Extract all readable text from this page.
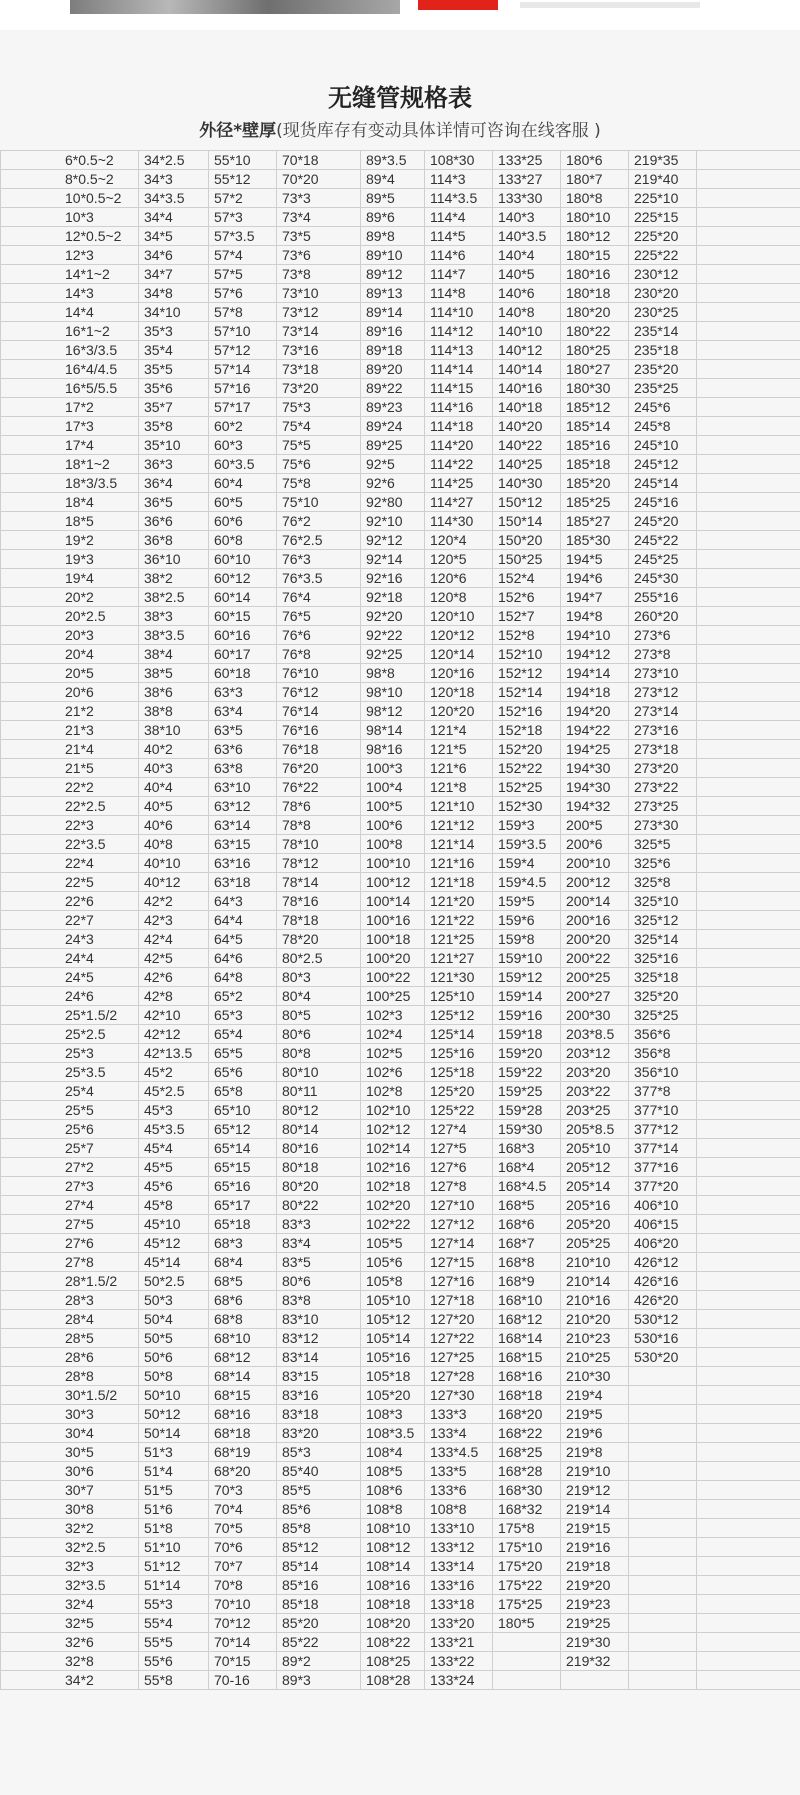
无缝管规格表
外径*壁厚(现货库存有变动具体详情可咨询在线客服 )
6*0.5~2	34*2.5	55*10	70*18	89*3.5	108*30	133*25	180*6	219*35	
8*0.5~2	34*3	55*12	70*20	89*4	114*3	133*27	180*7	219*40	
10*0.5~2	34*3.5	57*2	73*3	89*5	114*3.5	133*30	180*8	225*10	
10*3	34*4	57*3	73*4	89*6	114*4	140*3	180*10	225*15	
12*0.5~2	34*5	57*3.5	73*5	89*8	114*5	140*3.5	180*12	225*20	
12*3	34*6	57*4	73*6	89*10	114*6	140*4	180*15	225*22	
14*1~2	34*7	57*5	73*8	89*12	114*7	140*5	180*16	230*12	
14*3	34*8	57*6	73*10	89*13	114*8	140*6	180*18	230*20	
14*4	34*10	57*8	73*12	89*14	114*10	140*8	180*20	230*25	
16*1~2	35*3	57*10	73*14	89*16	114*12	140*10	180*22	235*14	
16*3/3.5	35*4	57*12	73*16	89*18	114*13	140*12	180*25	235*18	
16*4/4.5	35*5	57*14	73*18	89*20	114*14	140*14	180*27	235*20	
16*5/5.5	35*6	57*16	73*20	89*22	114*15	140*16	180*30	235*25	
17*2	35*7	57*17	75*3	89*23	114*16	140*18	185*12	245*6	
17*3	35*8	60*2	75*4	89*24	114*18	140*20	185*14	245*8	
17*4	35*10	60*3	75*5	89*25	114*20	140*22	185*16	245*10	
18*1~2	36*3	60*3.5	75*6	92*5	114*22	140*25	185*18	245*12	
18*3/3.5	36*4	60*4	75*8	92*6	114*25	140*30	185*20	245*14	
18*4	36*5	60*5	75*10	92*80	114*27	150*12	185*25	245*16	
18*5	36*6	60*6	76*2	92*10	114*30	150*14	185*27	245*20	
19*2	36*8	60*8	76*2.5	92*12	120*4	150*20	185*30	245*22	
19*3	36*10	60*10	76*3	92*14	120*5	150*25	194*5	245*25	
19*4	38*2	60*12	76*3.5	92*16	120*6	152*4	194*6	245*30	
20*2	38*2.5	60*14	76*4	92*18	120*8	152*6	194*7	255*16	
20*2.5	38*3	60*15	76*5	92*20	120*10	152*7	194*8	260*20	
20*3	38*3.5	60*16	76*6	92*22	120*12	152*8	194*10	273*6	
20*4	38*4	60*17	76*8	92*25	120*14	152*10	194*12	273*8	
20*5	38*5	60*18	76*10	98*8	120*16	152*12	194*14	273*10	
20*6	38*6	63*3	76*12	98*10	120*18	152*14	194*18	273*12	
21*2	38*8	63*4	76*14	98*12	120*20	152*16	194*20	273*14	
21*3	38*10	63*5	76*16	98*14	121*4	152*18	194*22	273*16	
21*4	40*2	63*6	76*18	98*16	121*5	152*20	194*25	273*18	
21*5	40*3	63*8	76*20	100*3	121*6	152*22	194*30	273*20	
22*2	40*4	63*10	76*22	100*4	121*8	152*25	194*30	273*22	
22*2.5	40*5	63*12	78*6	100*5	121*10	152*30	194*32	273*25	
22*3	40*6	63*14	78*8	100*6	121*12	159*3	200*5	273*30	
22*3.5	40*8	63*15	78*10	100*8	121*14	159*3.5	200*6	325*5	
22*4	40*10	63*16	78*12	100*10	121*16	159*4	200*10	325*6	
22*5	40*12	63*18	78*14	100*12	121*18	159*4.5	200*12	325*8	
22*6	42*2	64*3	78*16	100*14	121*20	159*5	200*14	325*10	
22*7	42*3	64*4	78*18	100*16	121*22	159*6	200*16	325*12	
24*3	42*4	64*5	78*20	100*18	121*25	159*8	200*20	325*14	
24*4	42*5	64*6	80*2.5	100*20	121*27	159*10	200*22	325*16	
24*5	42*6	64*8	80*3	100*22	121*30	159*12	200*25	325*18	
24*6	42*8	65*2	80*4	100*25	125*10	159*14	200*27	325*20	
25*1.5/2	42*10	65*3	80*5	102*3	125*12	159*16	200*30	325*25	
25*2.5	42*12	65*4	80*6	102*4	125*14	159*18	203*8.5	356*6	
25*3	42*13.5	65*5	80*8	102*5	125*16	159*20	203*12	356*8	
25*3.5	45*2	65*6	80*10	102*6	125*18	159*22	203*20	356*10	
25*4	45*2.5	65*8	80*11	102*8	125*20	159*25	203*22	377*8	
25*5	45*3	65*10	80*12	102*10	125*22	159*28	203*25	377*10	
25*6	45*3.5	65*12	80*14	102*12	127*4	159*30	205*8.5	377*12	
25*7	45*4	65*14	80*16	102*14	127*5	168*3	205*10	377*14	
27*2	45*5	65*15	80*18	102*16	127*6	168*4	205*12	377*16	
27*3	45*6	65*16	80*20	102*18	127*8	168*4.5	205*14	377*20	
27*4	45*8	65*17	80*22	102*20	127*10	168*5	205*16	406*10	
27*5	45*10	65*18	83*3	102*22	127*12	168*6	205*20	406*15	
27*6	45*12	68*3	83*4	105*5	127*14	168*7	205*25	406*20	
27*8	45*14	68*4	83*5	105*6	127*15	168*8	210*10	426*12	
28*1.5/2	50*2.5	68*5	80*6	105*8	127*16	168*9	210*14	426*16	
28*3	50*3	68*6	83*8	105*10	127*18	168*10	210*16	426*20	
28*4	50*4	68*8	83*10	105*12	127*20	168*12	210*20	530*12	
28*5	50*5	68*10	83*12	105*14	127*22	168*14	210*23	530*16	
28*6	50*6	68*12	83*14	105*16	127*25	168*15	210*25	530*20	
28*8	50*8	68*14	83*15	105*18	127*28	168*16	210*30		
30*1.5/2	50*10	68*15	83*16	105*20	127*30	168*18	219*4		
30*3	50*12	68*16	83*18	108*3	133*3	168*20	219*5		
30*4	50*14	68*18	83*20	108*3.5	133*4	168*22	219*6		
30*5	51*3	68*19	85*3	108*4	133*4.5	168*25	219*8		
30*6	51*4	68*20	85*40	108*5	133*5	168*28	219*10		
30*7	51*5	70*3	85*5	108*6	133*6	168*30	219*12		
30*8	51*6	70*4	85*6	108*8	108*8	168*32	219*14		
32*2	51*8	70*5	85*8	108*10	133*10	175*8	219*15		
32*2.5	51*10	70*6	85*12	108*12	133*12	175*10	219*16		
32*3	51*12	70*7	85*14	108*14	133*14	175*20	219*18		
32*3.5	51*14	70*8	85*16	108*16	133*16	175*22	219*20		
32*4	55*3	70*10	85*18	108*18	133*18	175*25	219*23		
32*5	55*4	70*12	85*20	108*20	133*20	180*5	219*25		
32*6	55*5	70*14	85*22	108*22	133*21		219*30		
32*8	55*6	70*15	89*2	108*25	133*22		219*32		
34*2	55*8	70-16	89*3	108*28	133*24				
